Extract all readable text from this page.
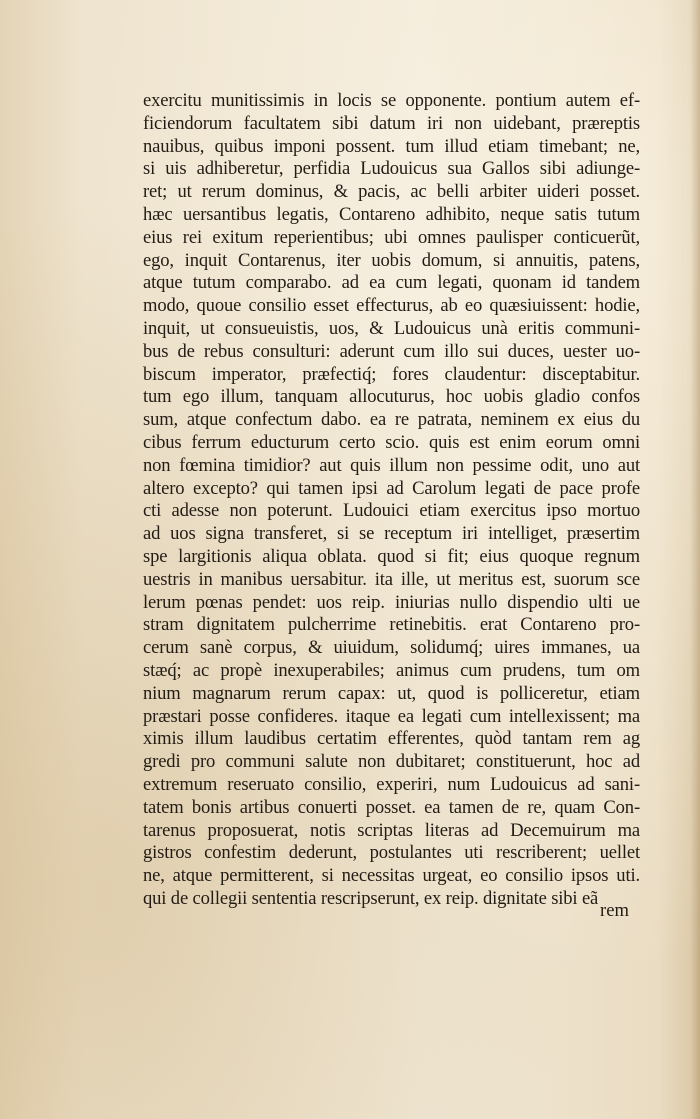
exercitu munitissimis in locis se opponente. pontium autem ef-
ficiendorum facultatem sibi datum iri non uidebant, præreptis
nauibus, quibus imponi possent. tum illud etiam timebant; ne,
si uis adhiberetur, perfidia Ludouicus sua Gallos sibi adiunge-
ret; ut rerum dominus, & pacis, ac belli arbiter uideri posset.
hæc uersantibus legatis, Contareno adhibito, neque satis tutum
eius rei exitum reperientibus; ubi omnes paulisper conticuerũt,
ego, inquit Contarenus, iter uobis domum, si annuitis, patens,
atque tutum comparabo. ad ea cum legati, quonam id tandem
modo, quoue consilio esset effecturus, ab eo quæsiuissent: hodie,
inquit, ut consueuistis, uos, & Ludouicus unà eritis communi-
bus de rebus consulturi: aderunt cum illo sui duces, uester uo-
biscum imperator, præfectiq́; fores claudentur: disceptabitur.
tum ego illum, tanquam allocuturus, hoc uobis gladio confos
sum, atque confectum dabo. ea re patrata, neminem ex eius du
cibus ferrum educturum certo scio. quis est enim eorum omni
non fœmina timidior? aut quis illum non pessime odit, uno aut
altero excepto? qui tamen ipsi ad Carolum legati de pace profe
cti adesse non poterunt. Ludouici etiam exercitus ipso mortuo
ad uos signa transferet, si se receptum iri intelliget, præsertim
spe largitionis aliqua oblata. quod si fit; eius quoque regnum
uestris in manibus uersabitur. ita ille, ut meritus est, suorum sce
lerum pœnas pendet: uos reip. iniurias nullo dispendio ulti ue
stram dignitatem pulcherrime retinebitis. erat Contareno pro-
cerum sanè corpus, & uiuidum, solidumq́; uires immanes, ua
stæq́; ac propè inexuperabiles; animus cum prudens, tum om
nium magnarum rerum capax: ut, quod is polliceretur, etiam
præstari posse confideres. itaque ea legati cum intellexissent; ma
ximis illum laudibus certatim efferentes, quòd tantam rem ag
gredi pro communi salute non dubitaret; constituerunt, hoc ad
extremum reseruato consilio, experiri, num Ludouicus ad sani-
tatem bonis artibus conuerti posset. ea tamen de re, quam Con-
tarenus proposuerat, notis scriptas literas ad Decemuirum ma
gistros confestim dederunt, postulantes uti rescriberent; uellet
ne, atque permitterent, si necessitas urgeat, eo consilio ipsos uti.
qui de collegii sententia rescripserunt, ex reip. dignitate sibi eã
rem
